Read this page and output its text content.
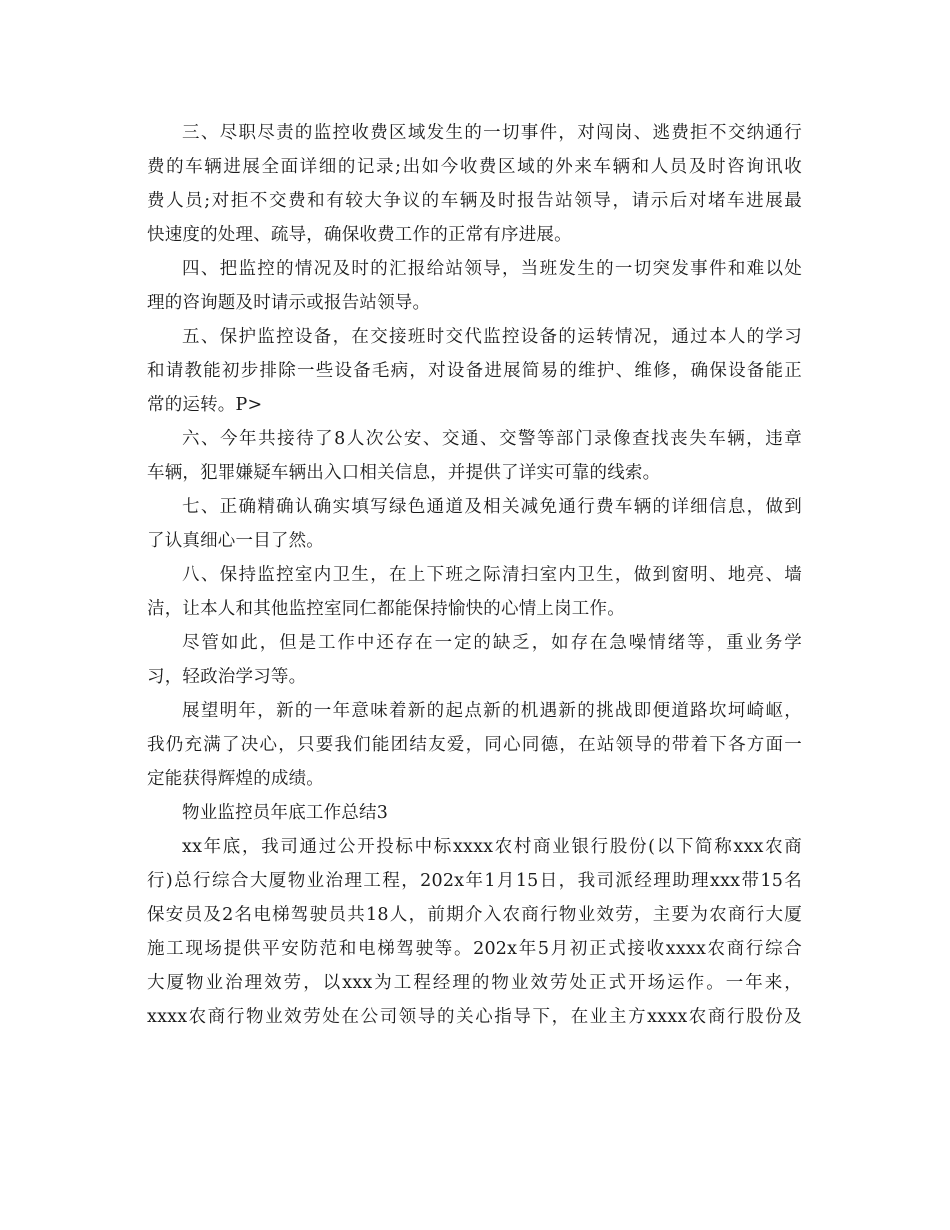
三、尽职尽责的监控收费区域发生的一切事件，对闯岗、逃费拒不交纳通行
费的车辆进展全面详细的记录;出如今收费区域的外来车辆和人员及时咨询讯收
费人员;对拒不交费和有较大争议的车辆及时报告站领导，请示后对堵车进展最
快速度的处理、疏导，确保收费工作的正常有序进展。
四、把监控的情况及时的汇报给站领导，当班发生的一切突发事件和难以处
理的咨询题及时请示或报告站领导。
五、保护监控设备，在交接班时交代监控设备的运转情况，通过本人的学习
和请教能初步排除一些设备毛病，对设备进展简易的维护、维修，确保设备能正
常的运转。P>
六、今年共接待了8人次公安、交通、交警等部门录像查找丧失车辆，违章
车辆，犯罪嫌疑车辆出入口相关信息，并提供了详实可靠的线索。
七、正确精确认确实填写绿色通道及相关减免通行费车辆的详细信息，做到
了认真细心一目了然。
八、保持监控室内卫生，在上下班之际清扫室内卫生，做到窗明、地亮、墙
洁，让本人和其他监控室同仁都能保持愉快的心情上岗工作。
尽管如此，但是工作中还存在一定的缺乏，如存在急噪情绪等，重业务学
习，轻政治学习等。
展望明年，新的一年意味着新的起点新的机遇新的挑战即便道路坎坷崎岖，
我仍充满了决心，只要我们能团结友爱，同心同德，在站领导的带着下各方面一
定能获得辉煌的成绩。
物业监控员年底工作总结3
xx年底，我司通过公开投标中标xxxx农村商业银行股份(以下简称xxx农商
行)总行综合大厦物业治理工程，202x年1月15日，我司派经理助理xxx带15名
保安员及2名电梯驾驶员共18人，前期介入农商行物业效劳，主要为农商行大厦
施工现场提供平安防范和电梯驾驶等。202x年5月初正式接收xxxx农商行综合
大厦物业治理效劳，以xxx为工程经理的物业效劳处正式开场运作。一年来，
xxxx农商行物业效劳处在公司领导的关心指导下，在业主方xxxx农商行股份及
